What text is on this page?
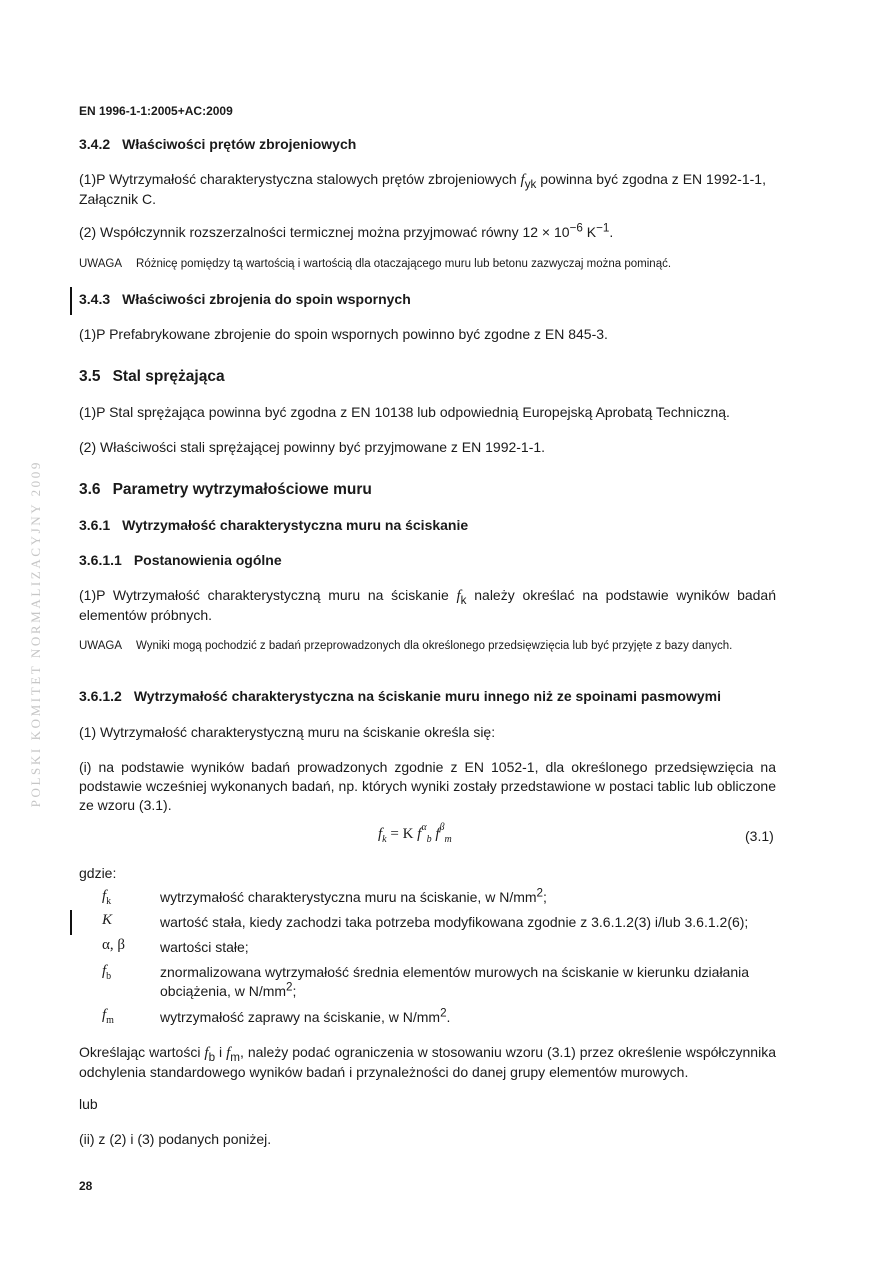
POLSKI KOMITET NORMALIZACYJNY 2009
EN 1996-1-1:2005+AC:2009
3.4.2 Właściwości prętów zbrojeniowych
(1)P Wytrzymałość charakterystyczna stalowych prętów zbrojeniowych $f_{yk}$ powinna być zgodna z EN 1992-1-1, Załącznik C.
(2) Współczynnik rozszerzalności termicznej można przyjmować równy $12 \times 10^{-6}$ $K^{-1}$.
UWAGA Różnicę pomiędzy tą wartością i wartością dla otaczającego muru lub betonu zazwyczaj można pominąć.
3.4.3 Właściwości zbrojenia do spoin wspornych
(1)P Prefabrykowane zbrojenie do spoin wspornych powinno być zgodne z EN 845-3.
3.5 Stal sprężająca
(1)P Stal sprężająca powinna być zgodna z EN 10138 lub odpowiednią Europejską Aprobatą Techniczną.
(2) Właściwości stali sprężającej powinny być przyjmowane z EN 1992-1-1.
3.6 Parametry wytrzymałościowe muru
3.6.1 Wytrzymałość charakterystyczna muru na ściskanie
3.6.1.1 Postanowienia ogólne
(1)P Wytrzymałość charakterystyczną muru na ściskanie $f_k$ należy określać na podstawie wyników badań elementów próbnych.
UWAGA Wyniki mogą pochodzić z badań przeprowadzonych dla określonego przedsięwzięcia lub być przyjęte z bazy danych.
3.6.1.2 Wytrzymałość charakterystyczna na ściskanie muru innego niż ze spoinami pasmowymi
(1) Wytrzymałość charakterystyczną muru na ściskanie określa się:
(i) na podstawie wyników badań prowadzonych zgodnie z EN 1052-1, dla określonego przedsięwzięcia na podstawie wcześniej wykonanych badań, np. których wyniki zostały przedstawione w postaci tablic lub obliczone ze wzoru (3.1).
$f_k = K$ $f^\alpha_b$ $f^\beta_m$	(3.1)
gdzie:
$f_k$	wytrzymałość charakterystyczna muru na ściskanie, w $N/mm^2$;
K	wartość stała, kiedy zachodzi taka potrzeba modyfikowana zgodnie z 3.6.1.2(3) i/lub 3.6.1.2(6);
α, β	wartości stałe;
$f_b$	znormalizowana wytrzymałość średnia elementów murowych na ściskanie w kierunku działania obciążenia, w $N/mm^2$;
$f_m$	wytrzymałość zaprawy na ściskanie, w $N/mm^2$.
Określając wartości $f_b$ i $f_m$, należy podać ograniczenia w stosowaniu wzoru (3.1) przez określenie współczynnika odchylenia standardowego wyników badań i przynależności do danej grupy elementów murowych.
lub
(ii) z (2) i (3) podanych poniżej.
28
